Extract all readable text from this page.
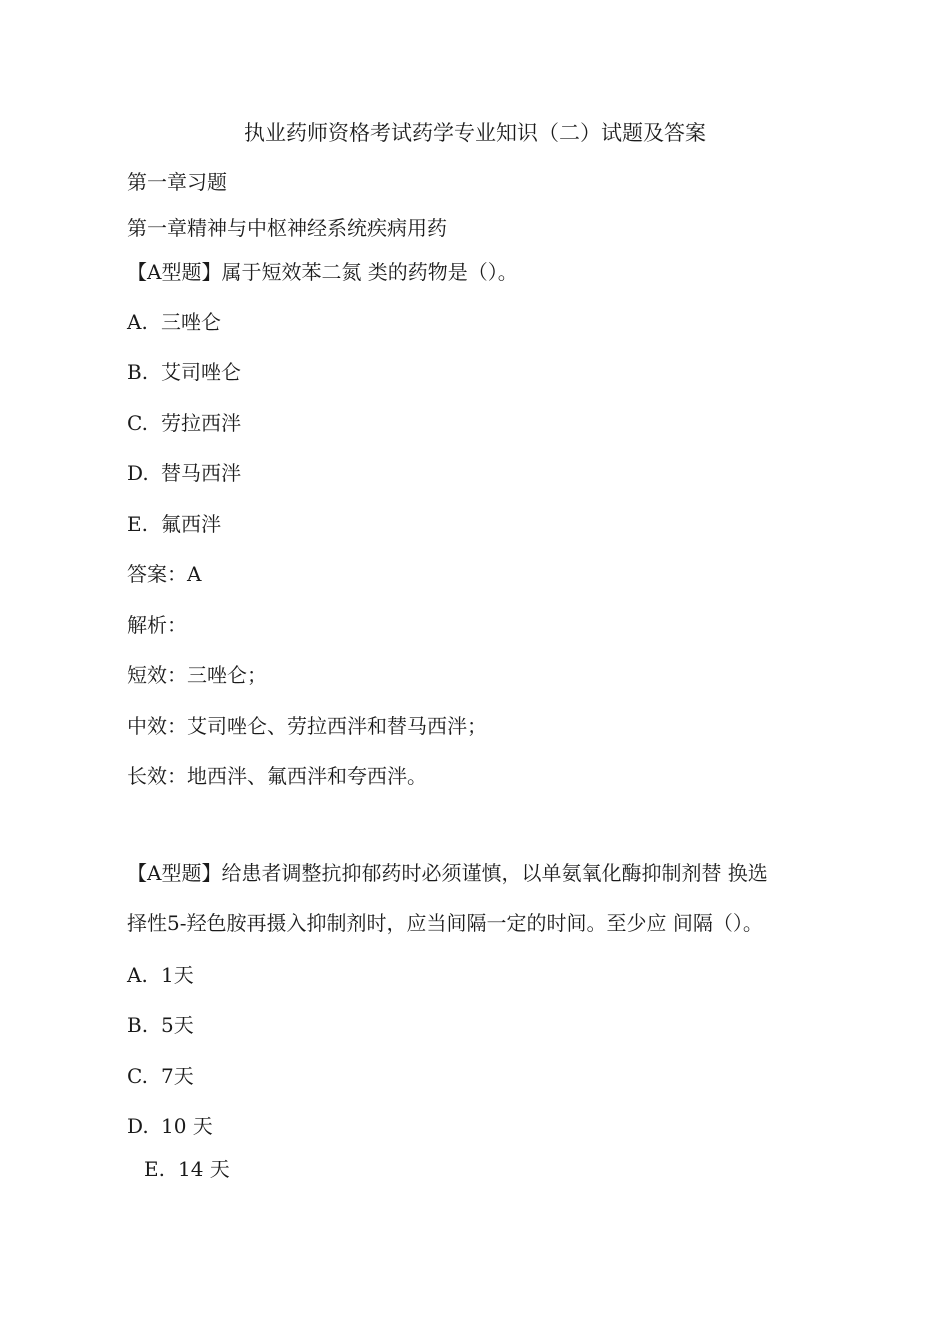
执业药师资格考试药学专业知识（二）试题及答案
第一章习题
第一章精神与中枢神经系统疾病用药
【A型题】属于短效苯二氮 类的药物是（）。
A. 三唑仑
B. 艾司唑仑
C. 劳拉西泮
D. 替马西泮
E. 氟西泮
答案：A
解析：
短效：三唑仑；
中效：艾司唑仑、劳拉西泮和替马西泮；
长效：地西泮、氟西泮和夸西泮。
【A型题】给患者调整抗抑郁药时必须谨慎，以单氨氧化酶抑制剂替 换选
择性5-羟色胺再摄入抑制剂时，应当间隔一定的时间。至少应 间隔（）。
A. 1天
B. 5天
C. 7天
D. 10 天
E. 14 天
